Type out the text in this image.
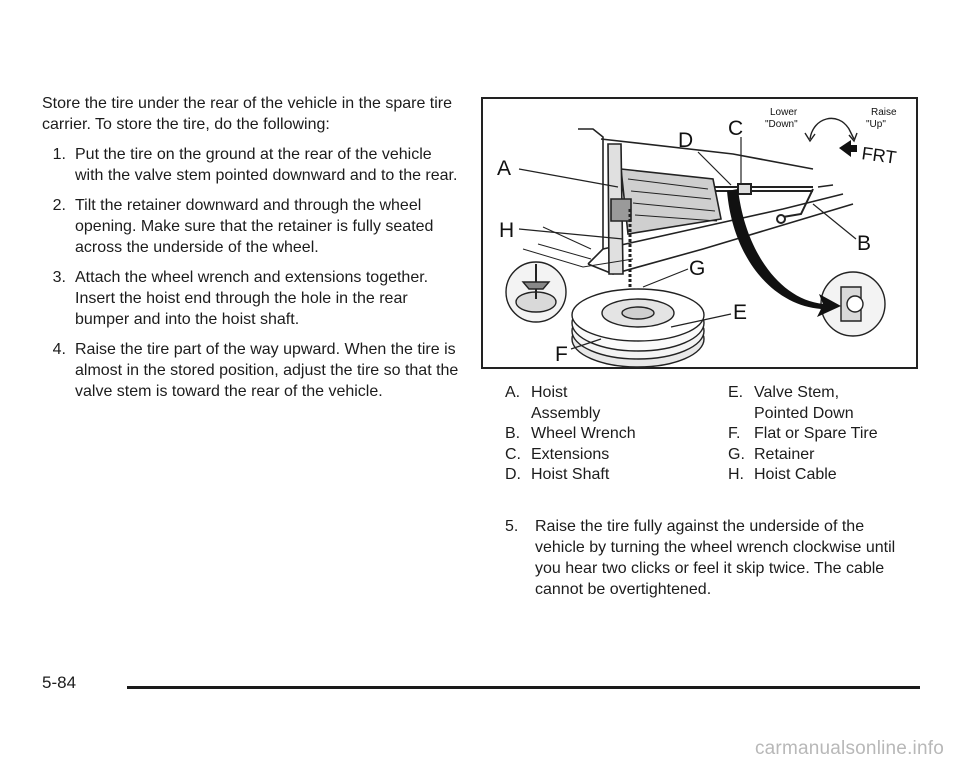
Store the tire under the rear of the vehicle in the spare tire carrier. To store the tire, do the following:

1. Put the tire on the ground at the rear of the vehicle with the valve stem pointed downward and to the rear.
2. Tilt the retainer downward and through the wheel opening. Make sure that the retainer is fully seated across the underside of the wheel.
3. Attach the wheel wrench and extensions together. Insert the hoist end through the hole in the rear bumper and into the hoist shaft.
4. Raise the tire part of the way upward. When the tire is almost in the stored position, adjust the tire so that the valve stem is toward the rear of the vehicle.
A
B
C
D
E
F
G
H
Lower
"Down"
Raise
"Up"
FRT
A. Hoist Assembly
B. Wheel Wrench
C. Extensions
D. Hoist Shaft
E. Valve Stem, Pointed Down
F. Flat or Spare Tire
G. Retainer
H. Hoist Cable
5.	Raise the tire fully against the underside of the vehicle by turning the wheel wrench clockwise until you hear two clicks or feel it skip twice. The cable cannot be overtightened.
5-84
carmanualsonline.info
